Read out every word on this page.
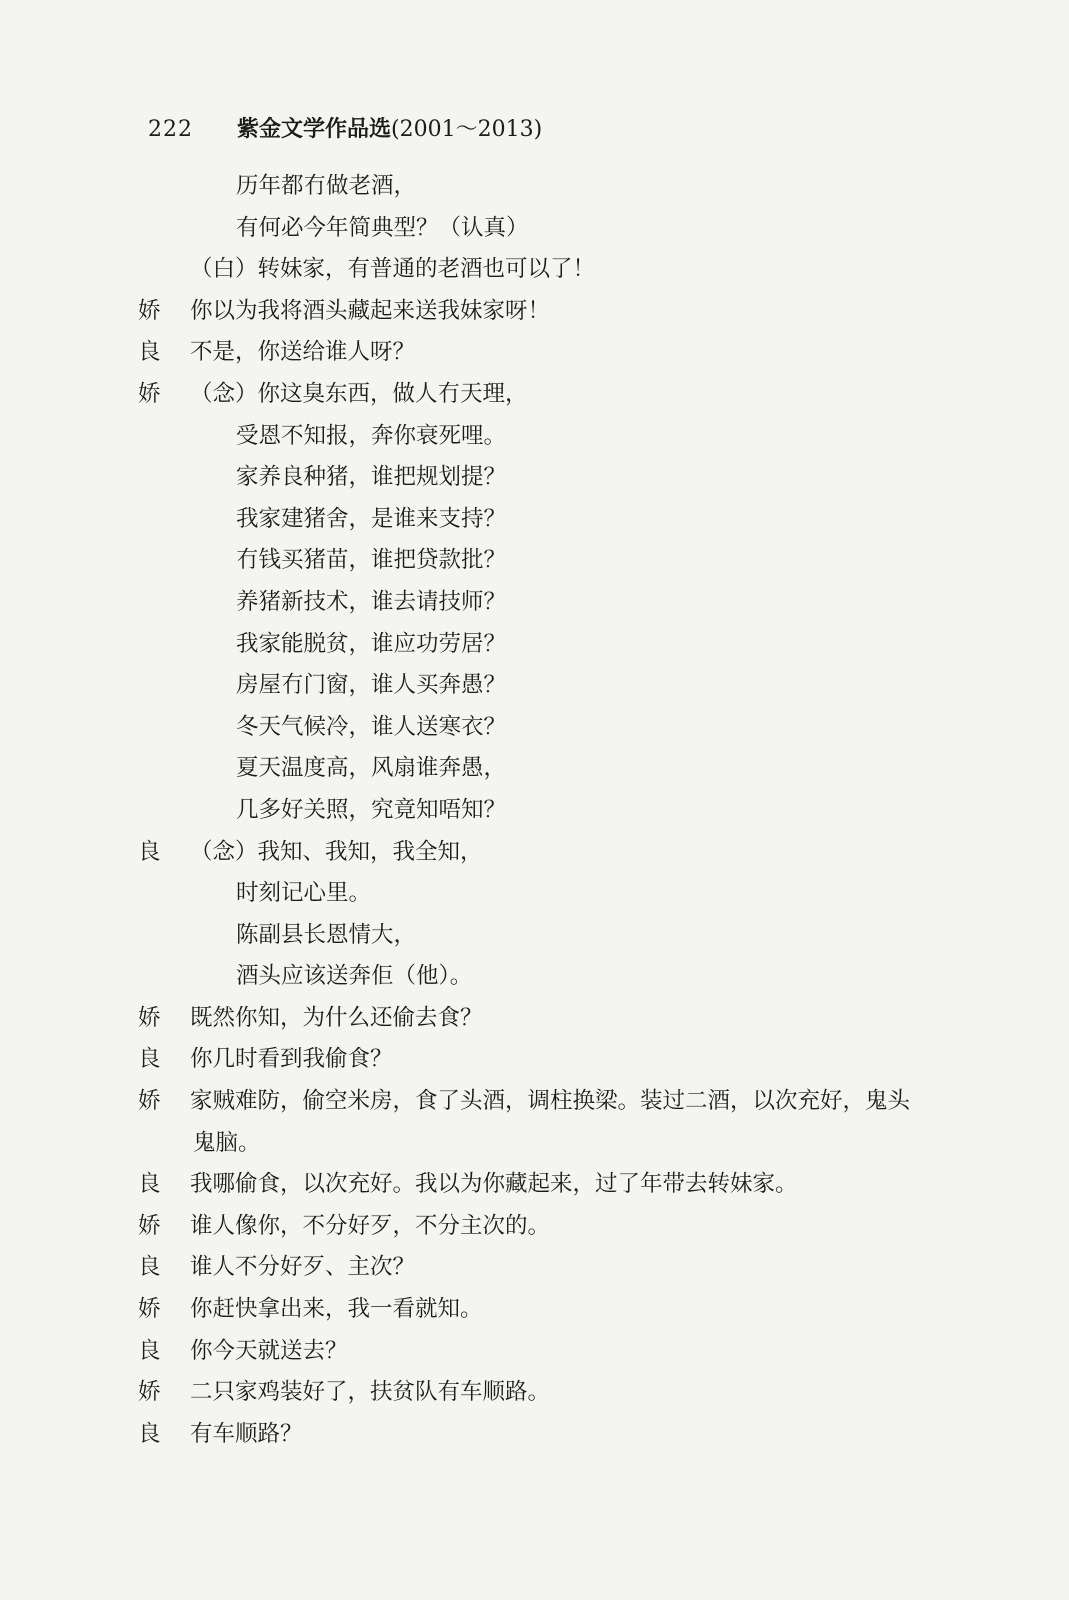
222 紫金文学作品选(2001～2013)
历年都冇做老酒，
有何必今年简典型？（认真）
（白）转妹家，有普通的老酒也可以了！
娇 你以为我将酒头藏起来送我妹家呀！
良 不是，你送给谁人呀？
娇 （念）你这臭东西，做人冇天理，
受恩不知报，奔你衰死哩。
家养良种猪，谁把规划提？
我家建猪舍，是谁来支持？
冇钱买猪苗，谁把贷款批？
养猪新技术，谁去请技师？
我家能脱贫，谁应功劳居？
房屋冇门窗，谁人买奔愚？
冬天气候冷，谁人送寒衣？
夏天温度高，风扇谁奔愚，
几多好关照，究竟知唔知？
良 （念）我知、我知，我全知，
时刻记心里。
陈副县长恩情大，
酒头应该送奔佢（他）。
娇 既然你知，为什么还偷去食？
良 你几时看到我偷食？
娇 家贼难防，偷空米房，食了头酒，调柱换梁。装过二酒，以次充好，鬼头
鬼脑。
良 我哪偷食，以次充好。我以为你藏起来，过了年带去转妹家。
娇 谁人像你，不分好歹，不分主次的。
良 谁人不分好歹、主次？
娇 你赶快拿出来，我一看就知。
良 你今天就送去？
娇 二只家鸡装好了，扶贫队有车顺路。
良 有车顺路？
